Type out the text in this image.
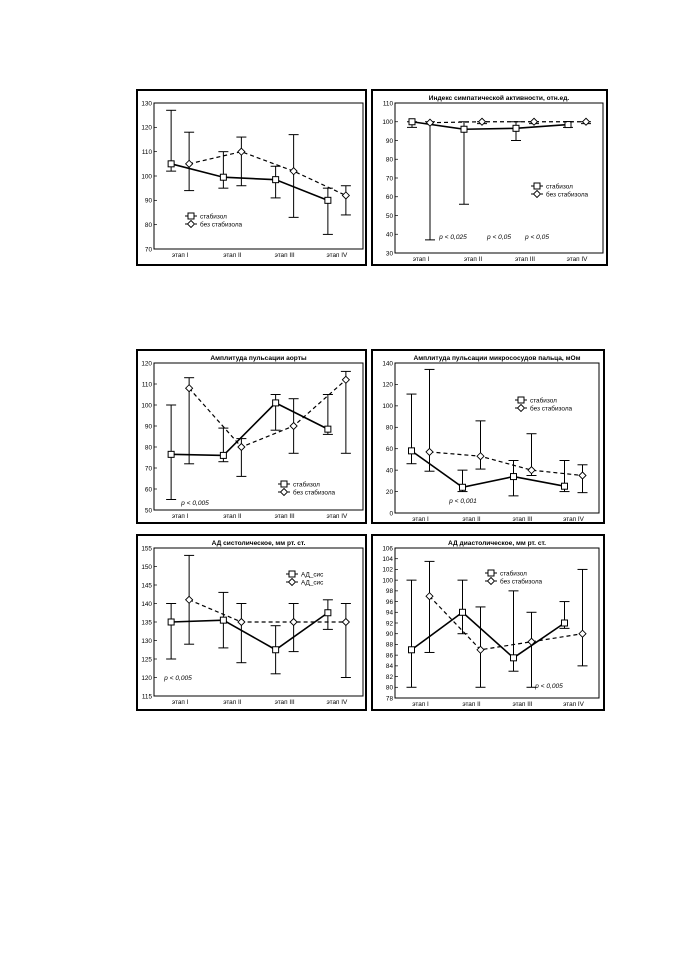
70
80
90
100
110
120
130
этап I	этап II	этап III	этап IV
стабизол
без стабизола
Индекс симпатической активности, отн.ед.
30
40
50
60
70
80
90
100
110
этап I	этап II	этап III	этап IV
стабизол
без стабизола
p < 0,025	p < 0,05 p < 0,05
Амплитуда пульсации аорты
50
60
70
80
90
100
110
120
этап I	этап II	этап III	этап IV
стабизол
без стабизола
p < 0,005
Амплитуда пульсации микрососудов пальца, мОм
0
20
40
60
80
100
120
140
этап I	этап II	этап III	этап IV
стабизол
без стабизола
p < 0,001
АД систолическое, мм рт. ст.
115
120
125
130
135
140
145
150
155
этап I	этап II	этап III	этап IV
АД_сис
АД_сис
p < 0,005
АД диастолическое, мм рт. ст.
78
80
82
84
86
88
90
92
94
96
98
100
102
104
106
этап I	этап II	этап III	этап IV
стабизол
без стабизола
p < 0,005
